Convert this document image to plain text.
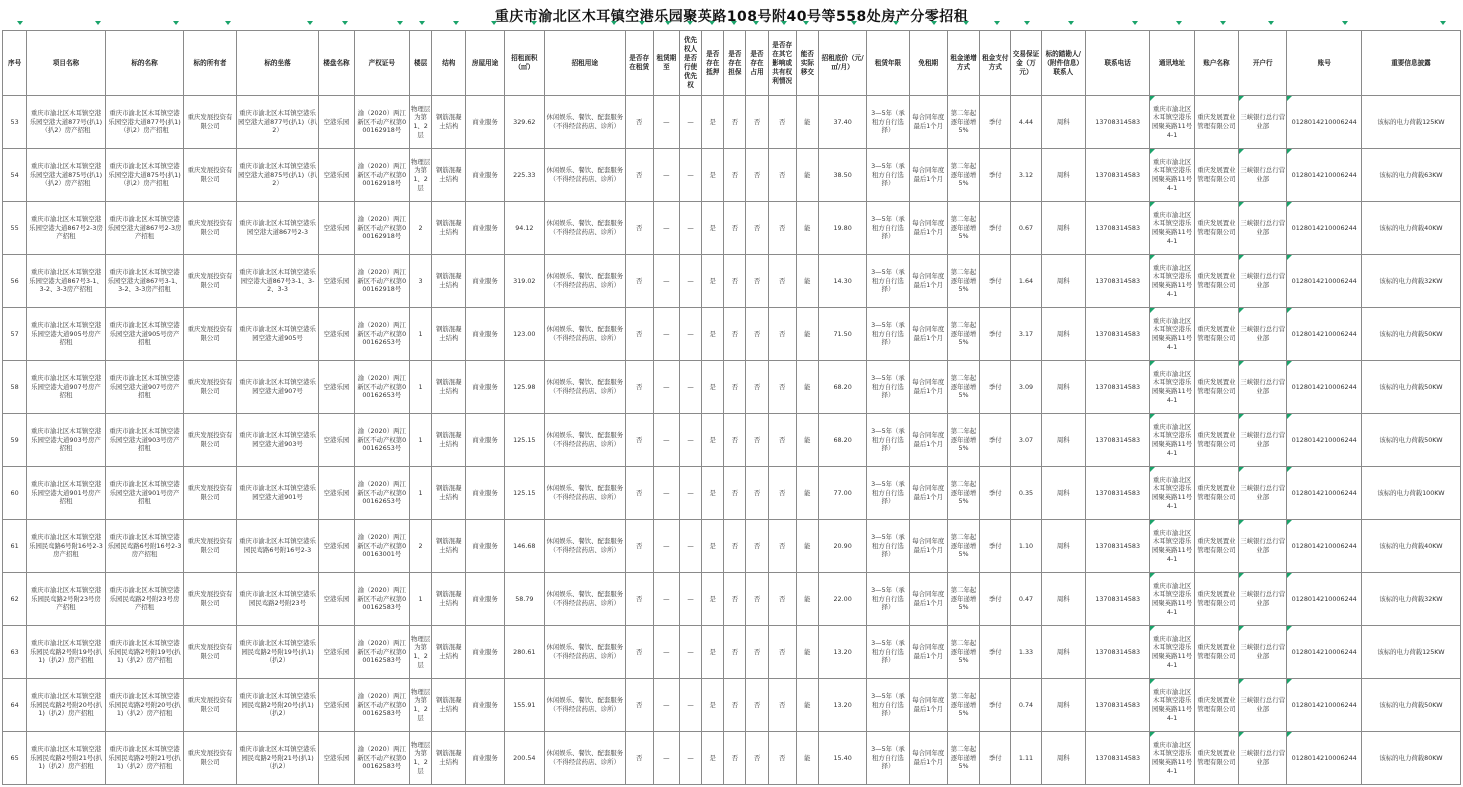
重庆市渝北区木耳镇空港乐园聚英路108号附40号等558处房产分零招租
序号	项目名称	标的名称	标的所有者	标的坐落	楼盘名称	产权证号	楼层	结构	房屋用途	招租面积（㎡）	招租用途	是否存在租赁	租赁期至	优先权人是否行使优先权	是否存在抵押	是否存在担保	是否存在占用	是否存在其它影响或共有权利情况	能否实际移交	招租底价（元/㎡/月）	租赁年限	免租期	租金递增方式	租金支付方式	交易保证金（万元）	标的踏勘人/（附件信息）联系人	联系电话	通讯地址	账户名称	开户行	账号	重要信息披露
53	重庆市渝北区木耳镇空港乐园空港大道877号(扒1)（扒2）房产招租	重庆市渝北区木耳镇空港乐园空港大道877号(扒1)（扒2）房产招租	重庆发展投资有限公司	重庆市渝北区木耳镇空港乐园空港大道877号(扒1)（扒2）	空港乐园	渝（2020）两江新区不动产权第000162918号	物理层为第1、2层	钢筋混凝土结构	商业服务	329.62	休闲娱乐、餐饮、配套服务（不得经营药店、诊所）	否	—	—	是	否	否	否	能	37.40	3—5年（承租方自行选择）	每合同年度最后1个月	第二年起逐年递增5%	季付	4.44	周科	13708314583	重庆市渝北区木耳镇空港乐园聚英路11号4-1	重庆发展置业管理有限公司	三峡银行总行营业部	0128014210006244	该标的电力荷载125KW
54	重庆市渝北区木耳镇空港乐园空港大道875号(扒1)（扒2）房产招租	重庆市渝北区木耳镇空港乐园空港大道875号(扒1)（扒2）房产招租	重庆发展投资有限公司	重庆市渝北区木耳镇空港乐园空港大道875号(扒1)（扒2）	空港乐园	渝（2020）两江新区不动产权第000162918号	物理层为第1、2层	钢筋混凝土结构	商业服务	225.33	休闲娱乐、餐饮、配套服务（不得经营药店、诊所）	否	—	—	是	否	否	否	能	38.50	3—5年（承租方自行选择）	每合同年度最后1个月	第二年起逐年递增5%	季付	3.12	周科	13708314583	重庆市渝北区木耳镇空港乐园聚英路11号4-1	重庆发展置业管理有限公司	三峡银行总行营业部	0128014210006244	该标的电力荷载63KW
55	重庆市渝北区木耳镇空港乐园空港大道867号2-3房产招租	重庆市渝北区木耳镇空港乐园空港大道867号2-3房产招租	重庆发展投资有限公司	重庆市渝北区木耳镇空港乐园空港大道867号2-3	空港乐园	渝（2020）两江新区不动产权第000162918号	2	钢筋混凝土结构	商业服务	94.12	休闲娱乐、餐饮、配套服务（不得经营药店、诊所）	否	—	—	是	否	否	否	能	19.80	3—5年（承租方自行选择）	每合同年度最后1个月	第二年起逐年递增5%	季付	0.67	周科	13708314583	重庆市渝北区木耳镇空港乐园聚英路11号4-1	重庆发展置业管理有限公司	三峡银行总行营业部	0128014210006244	该标的电力荷载40KW
56	重庆市渝北区木耳镇空港乐园空港大道867号3-1、3-2、3-3房产招租	重庆市渝北区木耳镇空港乐园空港大道867号3-1、3-2、3-3房产招租	重庆发展投资有限公司	重庆市渝北区木耳镇空港乐园空港大道867号3-1、3-2、3-3	空港乐园	渝（2020）两江新区不动产权第000162918号	3	钢筋混凝土结构	商业服务	319.02	休闲娱乐、餐饮、配套服务（不得经营药店、诊所）	否	—	—	是	否	否	否	能	14.30	3—5年（承租方自行选择）	每合同年度最后1个月	第二年起逐年递增5%	季付	1.64	周科	13708314583	重庆市渝北区木耳镇空港乐园聚英路11号4-1	重庆发展置业管理有限公司	三峡银行总行营业部	0128014210006244	该标的电力荷载32KW
57	重庆市渝北区木耳镇空港乐园空港大道905号房产招租	重庆市渝北区木耳镇空港乐园空港大道905号房产招租	重庆发展投资有限公司	重庆市渝北区木耳镇空港乐园空港大道905号	空港乐园	渝（2020）两江新区不动产权第000162653号	1	钢筋混凝土结构	商业服务	123.00	休闲娱乐、餐饮、配套服务（不得经营药店、诊所）	否	—	—	是	否	否	否	能	71.50	3—5年（承租方自行选择）	每合同年度最后1个月	第二年起逐年递增5%	季付	3.17	周科	13708314583	重庆市渝北区木耳镇空港乐园聚英路11号4-1	重庆发展置业管理有限公司	三峡银行总行营业部	0128014210006244	该标的电力荷载50KW
58	重庆市渝北区木耳镇空港乐园空港大道907号房产招租	重庆市渝北区木耳镇空港乐园空港大道907号房产招租	重庆发展投资有限公司	重庆市渝北区木耳镇空港乐园空港大道907号	空港乐园	渝（2020）两江新区不动产权第000162653号	1	钢筋混凝土结构	商业服务	125.98	休闲娱乐、餐饮、配套服务（不得经营药店、诊所）	否	—	—	是	否	否	否	能	68.20	3—5年（承租方自行选择）	每合同年度最后1个月	第二年起逐年递增5%	季付	3.09	周科	13708314583	重庆市渝北区木耳镇空港乐园聚英路11号4-1	重庆发展置业管理有限公司	三峡银行总行营业部	0128014210006244	该标的电力荷载50KW
59	重庆市渝北区木耳镇空港乐园空港大道903号房产招租	重庆市渝北区木耳镇空港乐园空港大道903号房产招租	重庆发展投资有限公司	重庆市渝北区木耳镇空港乐园空港大道903号	空港乐园	渝（2020）两江新区不动产权第000162653号	1	钢筋混凝土结构	商业服务	125.15	休闲娱乐、餐饮、配套服务（不得经营药店、诊所）	否	—	—	是	否	否	否	能	68.20	3—5年（承租方自行选择）	每合同年度最后1个月	第二年起逐年递增5%	季付	3.07	周科	13708314583	重庆市渝北区木耳镇空港乐园聚英路11号4-1	重庆发展置业管理有限公司	三峡银行总行营业部	0128014210006244	该标的电力荷载50KW
60	重庆市渝北区木耳镇空港乐园空港大道901号房产招租	重庆市渝北区木耳镇空港乐园空港大道901号房产招租	重庆发展投资有限公司	重庆市渝北区木耳镇空港乐园空港大道901号	空港乐园	渝（2020）两江新区不动产权第000162653号	1	钢筋混凝土结构	商业服务	125.15	休闲娱乐、餐饮、配套服务（不得经营药店、诊所）	否	—	—	是	否	否	否	能	77.00	3—5年（承租方自行选择）	每合同年度最后1个月	第二年起逐年递增5%	季付	0.35	周科	13708314583	重庆市渝北区木耳镇空港乐园聚英路11号4-1	重庆发展置业管理有限公司	三峡银行总行营业部	0128014210006244	该标的电力荷载100KW
61	重庆市渝北区木耳镇空港乐园民鸾路6号附16号2-3房产招租	重庆市渝北区木耳镇空港乐园民鸾路6号附16号2-3房产招租	重庆发展投资有限公司	重庆市渝北区木耳镇空港乐园民鸾路6号附16号2-3	空港乐园	渝（2020）两江新区不动产权第000163001号	2	钢筋混凝土结构	商业服务	146.68	休闲娱乐、餐饮、配套服务（不得经营药店、诊所）	否	—	—	是	否	否	否	能	20.90	3—5年（承租方自行选择）	每合同年度最后1个月	第二年起逐年递增5%	季付	1.10	周科	13708314583	重庆市渝北区木耳镇空港乐园聚英路11号4-1	重庆发展置业管理有限公司	三峡银行总行营业部	0128014210006244	该标的电力荷载40KW
62	重庆市渝北区木耳镇空港乐园民鸾路2号附23号房产招租	重庆市渝北区木耳镇空港乐园民鸾路2号附23号房产招租	重庆发展投资有限公司	重庆市渝北区木耳镇空港乐园民鸾路2号附23号	空港乐园	渝（2020）两江新区不动产权第000162583号	1	钢筋混凝土结构	商业服务	58.79	休闲娱乐、餐饮、配套服务（不得经营药店、诊所）	否	—	—	是	否	否	否	能	22.00	3—5年（承租方自行选择）	每合同年度最后1个月	第二年起逐年递增5%	季付	0.47	周科	13708314583	重庆市渝北区木耳镇空港乐园聚英路11号4-1	重庆发展置业管理有限公司	三峡银行总行营业部	0128014210006244	该标的电力荷载32KW
63	重庆市渝北区木耳镇空港乐园民鸾路2号附19号(扒1)（扒2）房产招租	重庆市渝北区木耳镇空港乐园民鸾路2号附19号(扒1)（扒2）房产招租	重庆发展投资有限公司	重庆市渝北区木耳镇空港乐园民鸾路2号附19号(扒1)（扒2）	空港乐园	渝（2020）两江新区不动产权第000162583号	物理层为第1、2层	钢筋混凝土结构	商业服务	280.61	休闲娱乐、餐饮、配套服务（不得经营药店、诊所）	否	—	—	是	否	否	否	能	13.20	3—5年（承租方自行选择）	每合同年度最后1个月	第二年起逐年递增5%	季付	1.33	周科	13708314583	重庆市渝北区木耳镇空港乐园聚英路11号4-1	重庆发展置业管理有限公司	三峡银行总行营业部	0128014210006244	该标的电力荷载125KW
64	重庆市渝北区木耳镇空港乐园民鸾路2号附20号(扒1)（扒2）房产招租	重庆市渝北区木耳镇空港乐园民鸾路2号附20号(扒1)（扒2）房产招租	重庆发展投资有限公司	重庆市渝北区木耳镇空港乐园民鸾路2号附20号(扒1)（扒2）	空港乐园	渝（2020）两江新区不动产权第000162583号	物理层为第1、2层	钢筋混凝土结构	商业服务	155.91	休闲娱乐、餐饮、配套服务（不得经营药店、诊所）	否	—	—	是	否	否	否	能	13.20	3—5年（承租方自行选择）	每合同年度最后1个月	第二年起逐年递增5%	季付	0.74	周科	13708314583	重庆市渝北区木耳镇空港乐园聚英路11号4-1	重庆发展置业管理有限公司	三峡银行总行营业部	0128014210006244	该标的电力荷载50KW
65	重庆市渝北区木耳镇空港乐园民鸾路2号附21号(扒1)（扒2）房产招租	重庆市渝北区木耳镇空港乐园民鸾路2号附21号(扒1)（扒2）房产招租	重庆发展投资有限公司	重庆市渝北区木耳镇空港乐园民鸾路2号附21号(扒1)（扒2）	空港乐园	渝（2020）两江新区不动产权第000162583号	物理层为第1、2层	钢筋混凝土结构	商业服务	200.54	休闲娱乐、餐饮、配套服务（不得经营药店、诊所）	否	—	—	是	否	否	否	能	15.40	3—5年（承租方自行选择）	每合同年度最后1个月	第二年起逐年递增5%	季付	1.11	周科	13708314583	重庆市渝北区木耳镇空港乐园聚英路11号4-1	重庆发展置业管理有限公司	三峡银行总行营业部	0128014210006244	该标的电力荷载80KW
